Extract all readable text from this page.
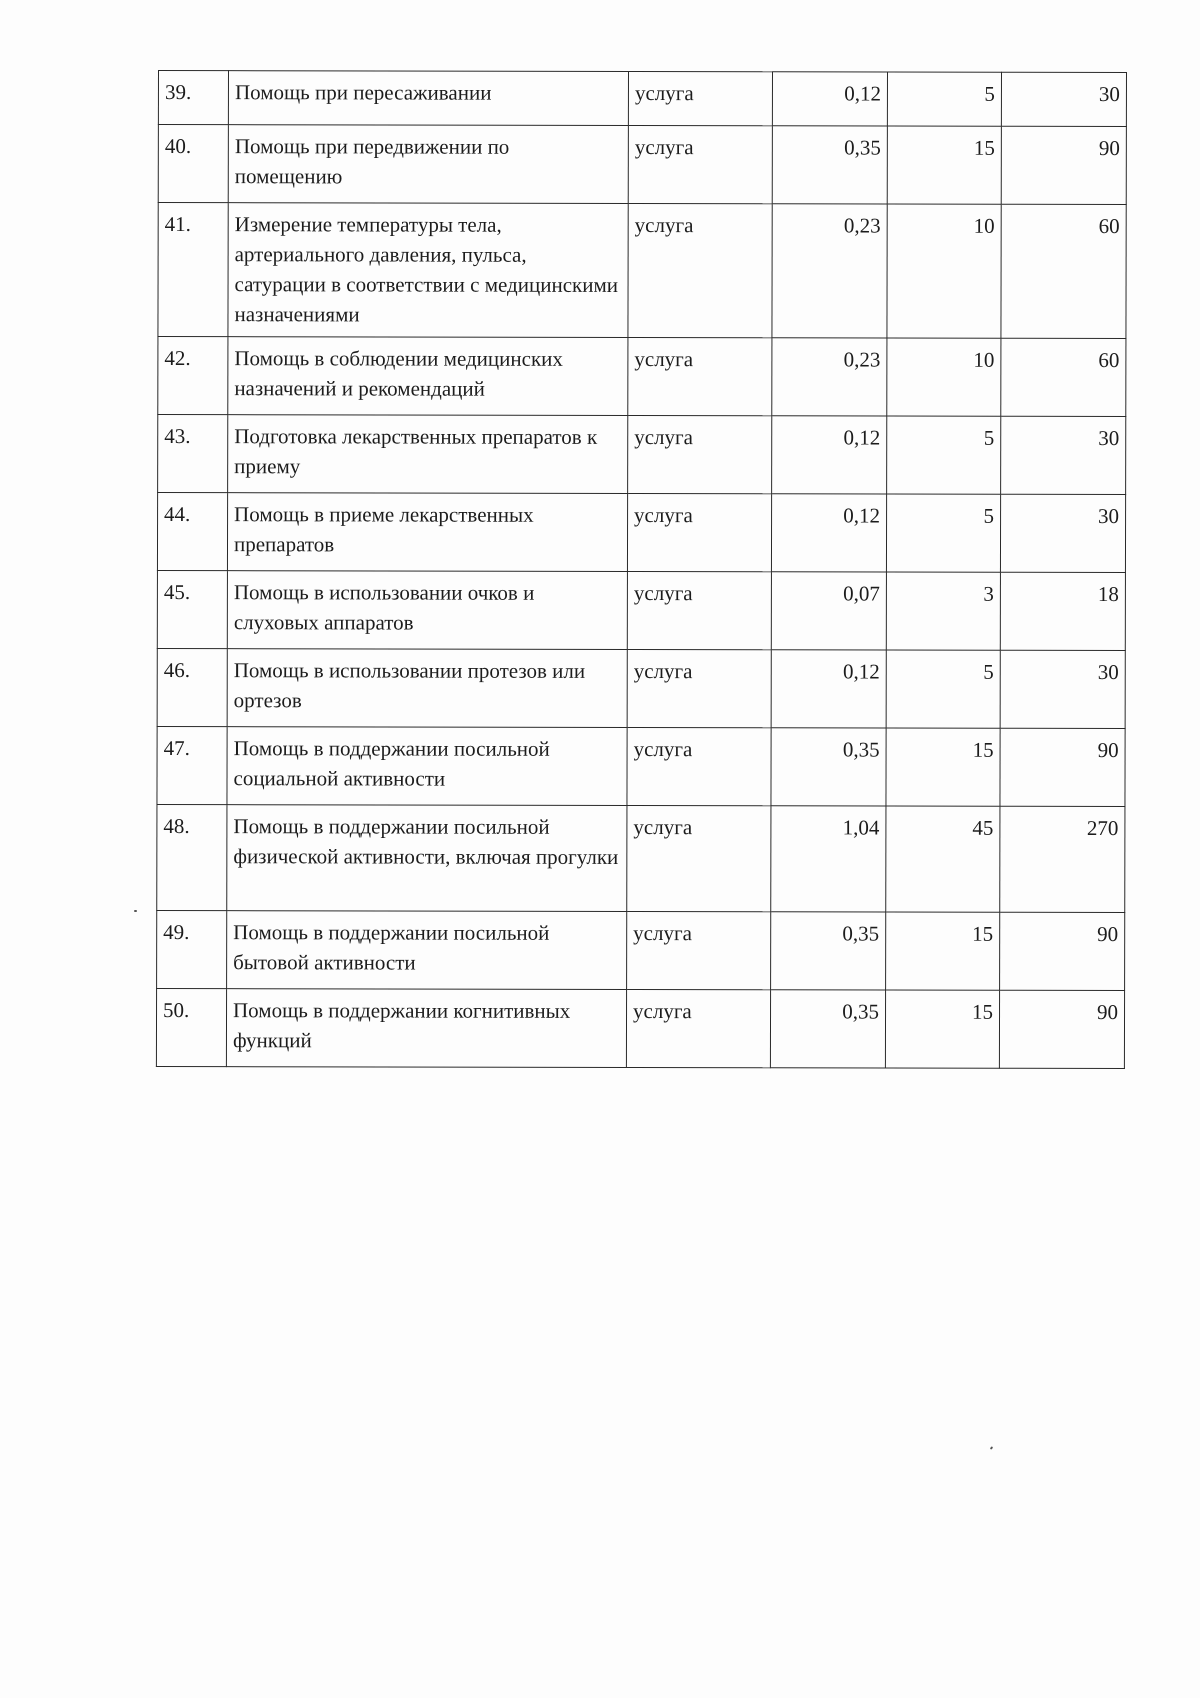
39.	Помощь при пересаживании	услуга	0,12	5	30
40.	Помощь при передвижении по помещению	услуга	0,35	15	90
41.	Измерение температуры тела, артериального давления, пульса, сатурации в соответствии с медицинскими назначениями	услуга	0,23	10	60
42.	Помощь в соблюдении медицинских назначений и рекомендаций	услуга	0,23	10	60
43.	Подготовка лекарственных препаратов к приему	услуга	0,12	5	30
44.	Помощь в приеме лекарственных препаратов	услуга	0,12	5	30
45.	Помощь в использовании очков и слуховых аппаратов	услуга	0,07	3	18
46.	Помощь в использовании протезов или ортезов	услуга	0,12	5	30
47.	Помощь в поддержании посильной социальной активности	услуга	0,35	15	90
48.	Помощь в поддержании посильной физической активности, включая прогулки	услуга	1,04	45	270
49.	Помощь в поддержании посильной бытовой активности	услуга	0,35	15	90
50.	Помощь в поддержании когнитивных функций	услуга	0,35	15	90
